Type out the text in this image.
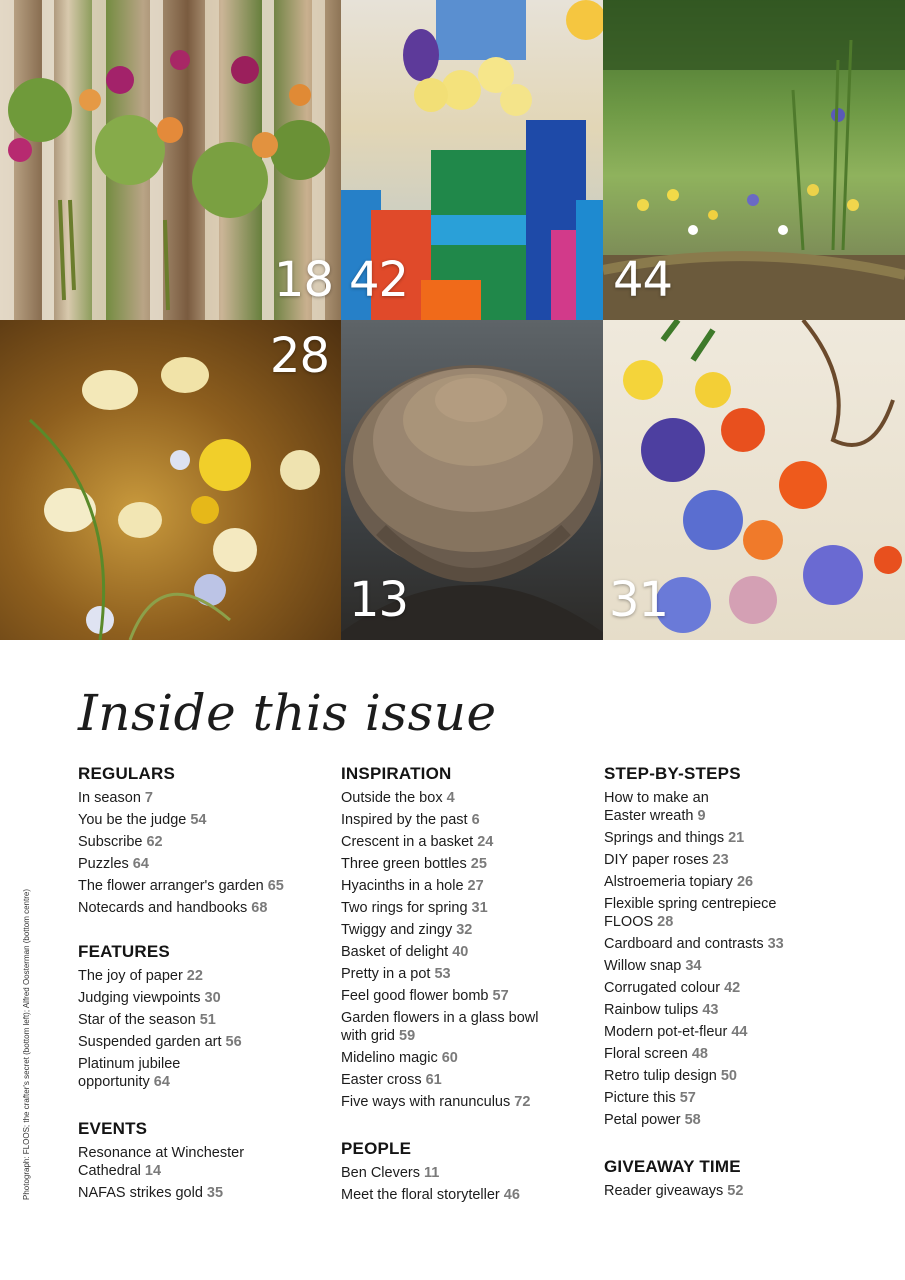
18 42	44
28
13	31
Photograph: FLOOS; the crafter's secret (bottom left); Alfred Oosterman (bottom centre)
Inside this issue
REGULARS
In season 7
You be the judge 54
Subscribe 62
Puzzles 64
The flower arranger's garden 65
Notecards and handbooks 68
FEATURES
The joy of paper 22
Judging viewpoints 30
Star of the season 51
Suspended garden art 56
Platinum jubilee opportunity 64
EVENTS
Resonance at Winchester Cathedral 14
NAFAS strikes gold 35
INSPIRATION
Outside the box 4
Inspired by the past 6
Crescent in a basket 24
Three green bottles 25
Hyacinths in a hole 27
Two rings for spring 31
Twiggy and zingy 32
Basket of delight 40
Pretty in a pot 53
Feel good flower bomb 57
Garden flowers in a glass bowl with grid 59
Midelino magic 60
Easter cross 61
Five ways with ranunculus 72
PEOPLE
Ben Clevers 11
Meet the floral storyteller 46
STEP-BY-STEPS
How to make an Easter wreath 9
Springs and things 21
DIY paper roses 23
Alstroemeria topiary 26
Flexible spring centrepiece FLOOS 28
Cardboard and contrasts 33
Willow snap 34
Corrugated colour 42
Rainbow tulips 43
Modern pot-et-fleur 44
Floral screen 48
Retro tulip design 50
Picture this 57
Petal power 58
GIVEAWAY TIME
Reader giveaways 52
